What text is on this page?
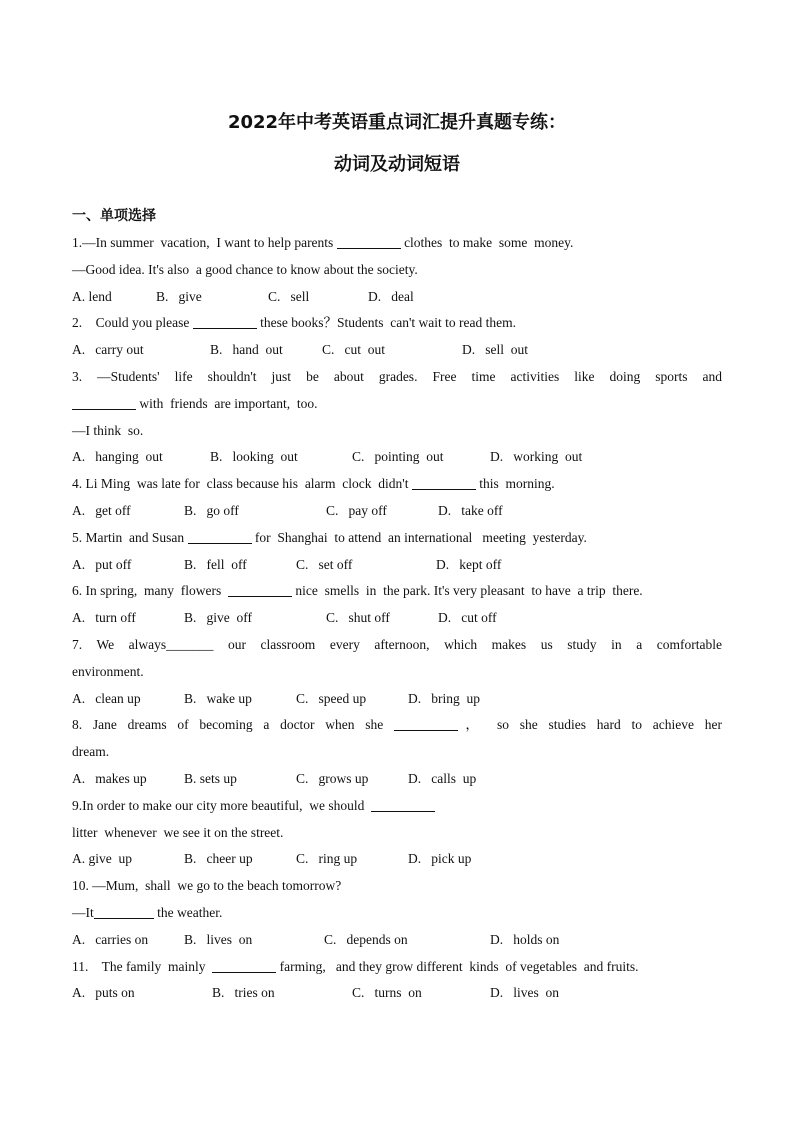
2022年中考英语重点词汇提升真题专练：
动词及动词短语
一、单项选择
1.—In summer  vacation,  I want to help parents	clothes  to make  some  money.
—Good idea. It's also  a good chance to know about the society.
A. lend	B.   give	C.   sell	D.   deal
2.    Could you please	these books？Students  can't wait to read them.
A.   carry out	B.   hand  out	C.   cut  out	D.   sell  out
3. —Students' life shouldn't just be about grades. Free time activities like doing sports and
with  friends  are important,  too.
—I think  so.
A.   hanging  out	B.   looking  out	C.   pointing  out	D.   working  out
4. Li Ming  was late for  class because his  alarm  clock  didn't	this  morning.
A.   get off	B.   go off	C.   pay off	D.   take off
5. Martin  and Susan	for  Shanghai  to attend  an international   meeting  yesterday.
A.   put off	B.   fell  off	C.   set off	D.   kept off
6. In spring,  many  flowers	nice  smells  in  the park. It's very pleasant  to have  a trip  there.
A.   turn off	B.   give  off	C.   shut off	D.   cut off
7. We always_______ our classroom every afternoon, which makes us study in a comfortable
environment.
A.   clean up	B.   wake up	C.   speed up	D.   bring  up
8. Jane dreams of becoming a doctor when she	， so she studies hard to achieve her
dream.
A.   makes up	B. sets up	C.   grows up	D.   calls  up
9.In order to make our city more beautiful,  we should
litter  whenever  we see it on the street.
A. give  up	B.   cheer up	C.   ring up	D.   pick up
10. —Mum,  shall  we go to the beach tomorrow?
—It	the weather.
A.   carries on	B.   lives  on	C.   depends on	D.   holds on
11.    The family  mainly	farming,   and they grow different  kinds  of vegetables  and fruits.
A.   puts on	B.   tries on	C.   turns  on	D.   lives  on
